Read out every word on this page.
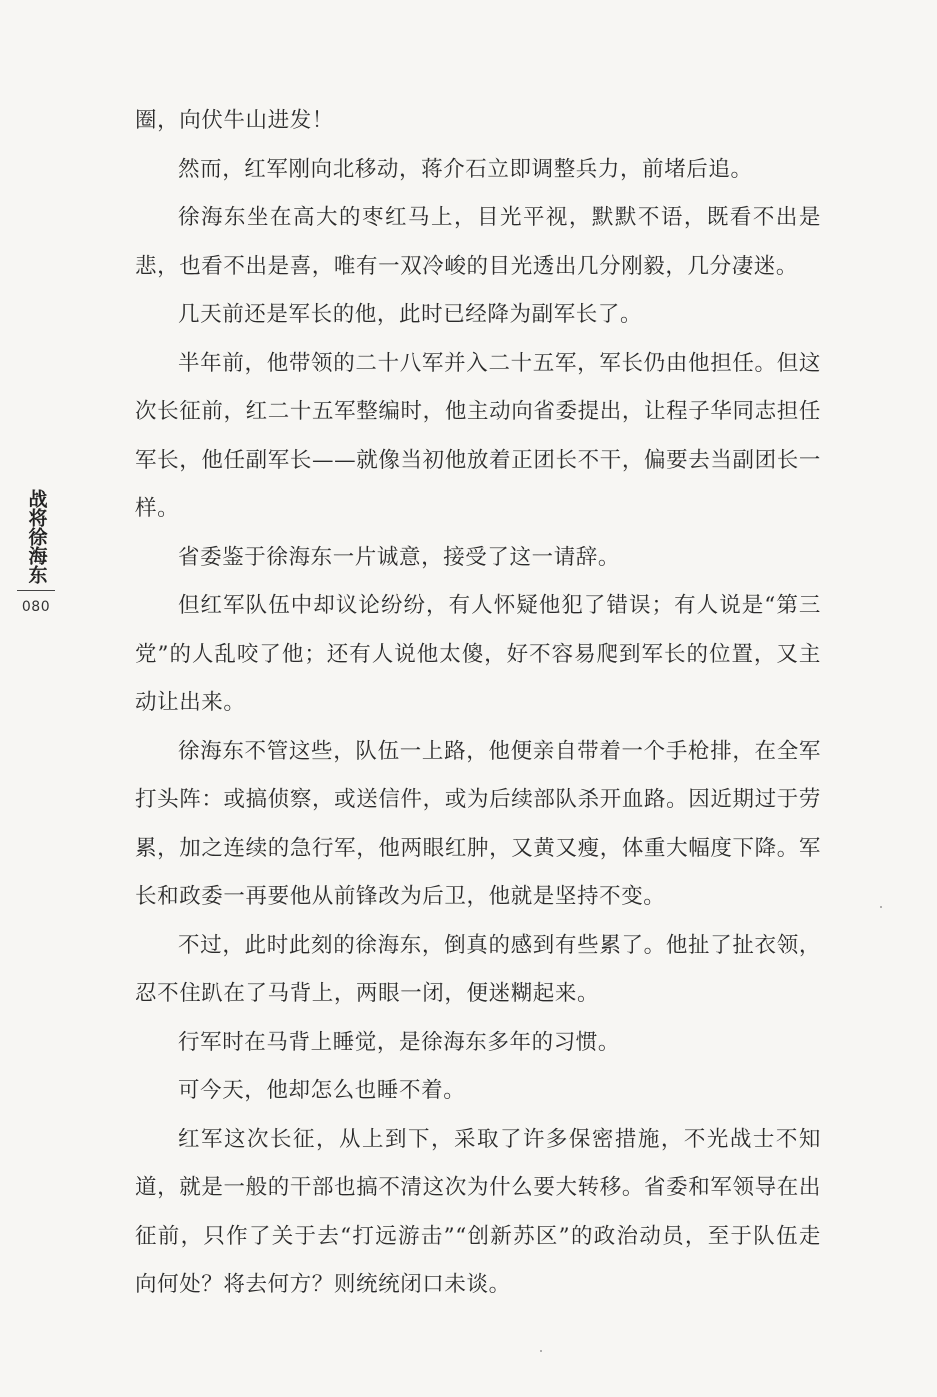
战将徐海东
080

圈，向伏牛山进发！

然而，红军刚向北移动，蒋介石立即调整兵力，前堵后追。

徐海东坐在高大的枣红马上，目光平视，默默不语，既看不出是悲，也看不出是喜，唯有一双冷峻的目光透出几分刚毅，几分凄迷。

几天前还是军长的他，此时已经降为副军长了。

半年前，他带领的二十八军并入二十五军，军长仍由他担任。但这次长征前，红二十五军整编时，他主动向省委提出，让程子华同志担任军长，他任副军长——就像当初他放着正团长不干，偏要去当副团长一样。

省委鉴于徐海东一片诚意，接受了这一请辞。

但红军队伍中却议论纷纷，有人怀疑他犯了错误；有人说是“第三党”的人乱咬了他；还有人说他太傻，好不容易爬到军长的位置，又主动让出来。

徐海东不管这些，队伍一上路，他便亲自带着一个手枪排，在全军打头阵：或搞侦察，或送信件，或为后续部队杀开血路。因近期过于劳累，加之连续的急行军，他两眼红肿，又黄又瘦，体重大幅度下降。军长和政委一再要他从前锋改为后卫，他就是坚持不变。

不过，此时此刻的徐海东，倒真的感到有些累了。他扯了扯衣领，忍不住趴在了马背上，两眼一闭，便迷糊起来。

行军时在马背上睡觉，是徐海东多年的习惯。

可今天，他却怎么也睡不着。

红军这次长征，从上到下，采取了许多保密措施，不光战士不知道，就是一般的干部也搞不清这次为什么要大转移。省委和军领导在出征前，只作了关于去“打远游击”“创新苏区”的政治动员，至于队伍走向何处？将去何方？则统统闭口未谈。
